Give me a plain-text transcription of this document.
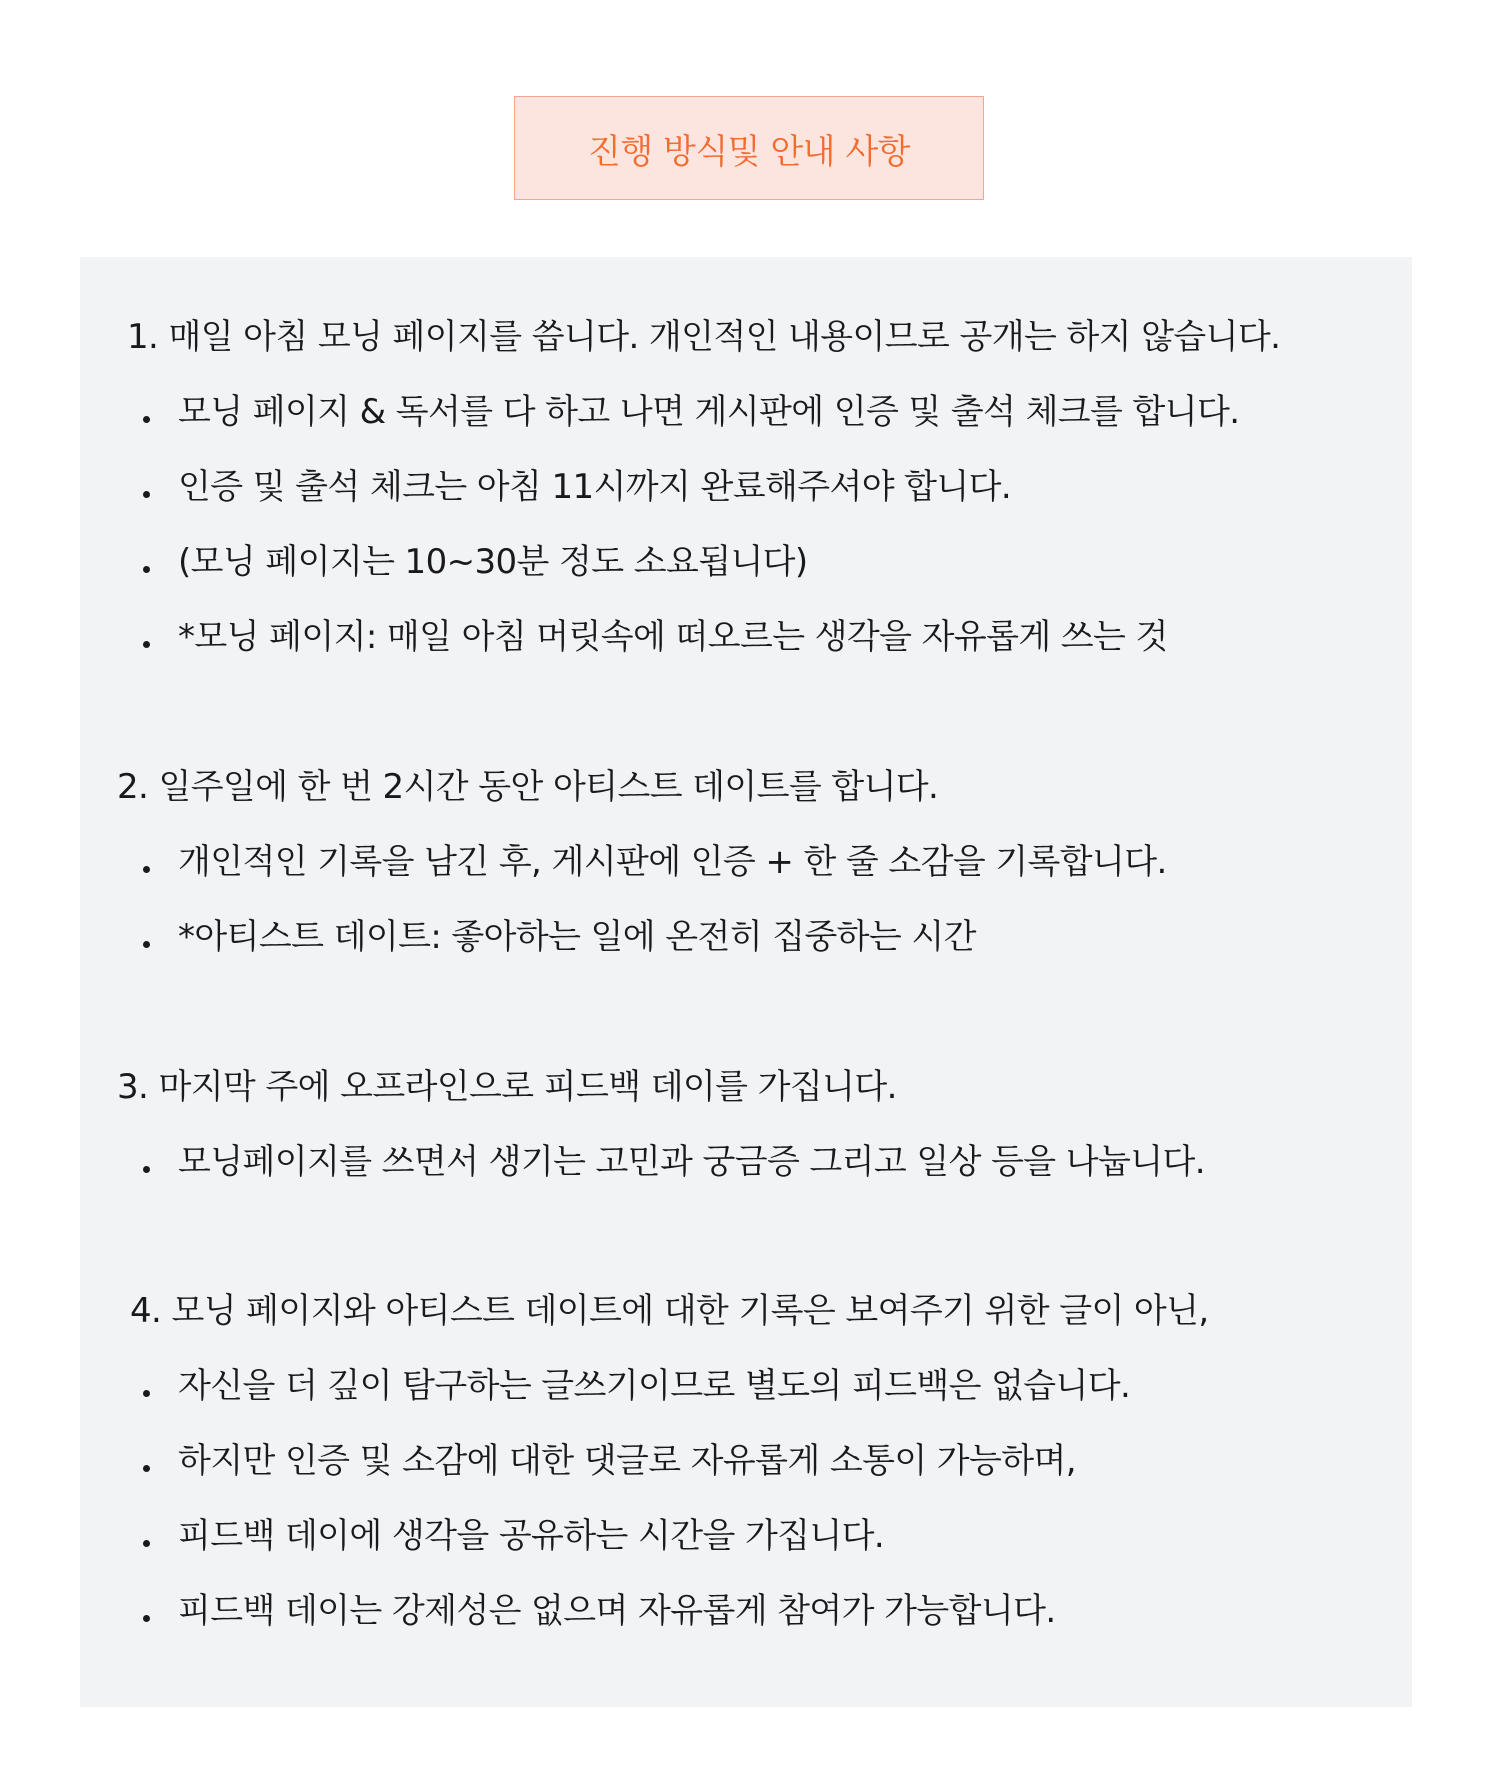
진행 방식및 안내 사항
1. 매일 아침 모닝 페이지를 씁니다. 개인적인 내용이므로 공개는 하지 않습니다.
모닝 페이지 & 독서를 다 하고 나면 게시판에 인증 및 출석 체크를 합니다.
인증 및 출석 체크는 아침 11시까지 완료해주셔야 합니다.
(모닝 페이지는 10~30분 정도 소요됩니다)
*모닝 페이지: 매일 아침 머릿속에 떠오르는 생각을 자유롭게 쓰는 것
2. 일주일에 한 번 2시간 동안 아티스트 데이트를 합니다.
개인적인 기록을 남긴 후, 게시판에 인증 + 한 줄 소감을 기록합니다.
*아티스트 데이트: 좋아하는 일에 온전히 집중하는 시간
3. 마지막 주에 오프라인으로 피드백 데이를 가집니다.
모닝페이지를 쓰면서 생기는 고민과 궁금증 그리고 일상 등을 나눕니다.
4. 모닝 페이지와 아티스트 데이트에 대한 기록은 보여주기 위한 글이 아닌,
자신을 더 깊이 탐구하는 글쓰기이므로 별도의 피드백은 없습니다.
하지만 인증 및 소감에 대한 댓글로 자유롭게 소통이 가능하며,
피드백 데이에 생각을 공유하는 시간을 가집니다.
피드백 데이는 강제성은 없으며 자유롭게 참여가 가능합니다.
